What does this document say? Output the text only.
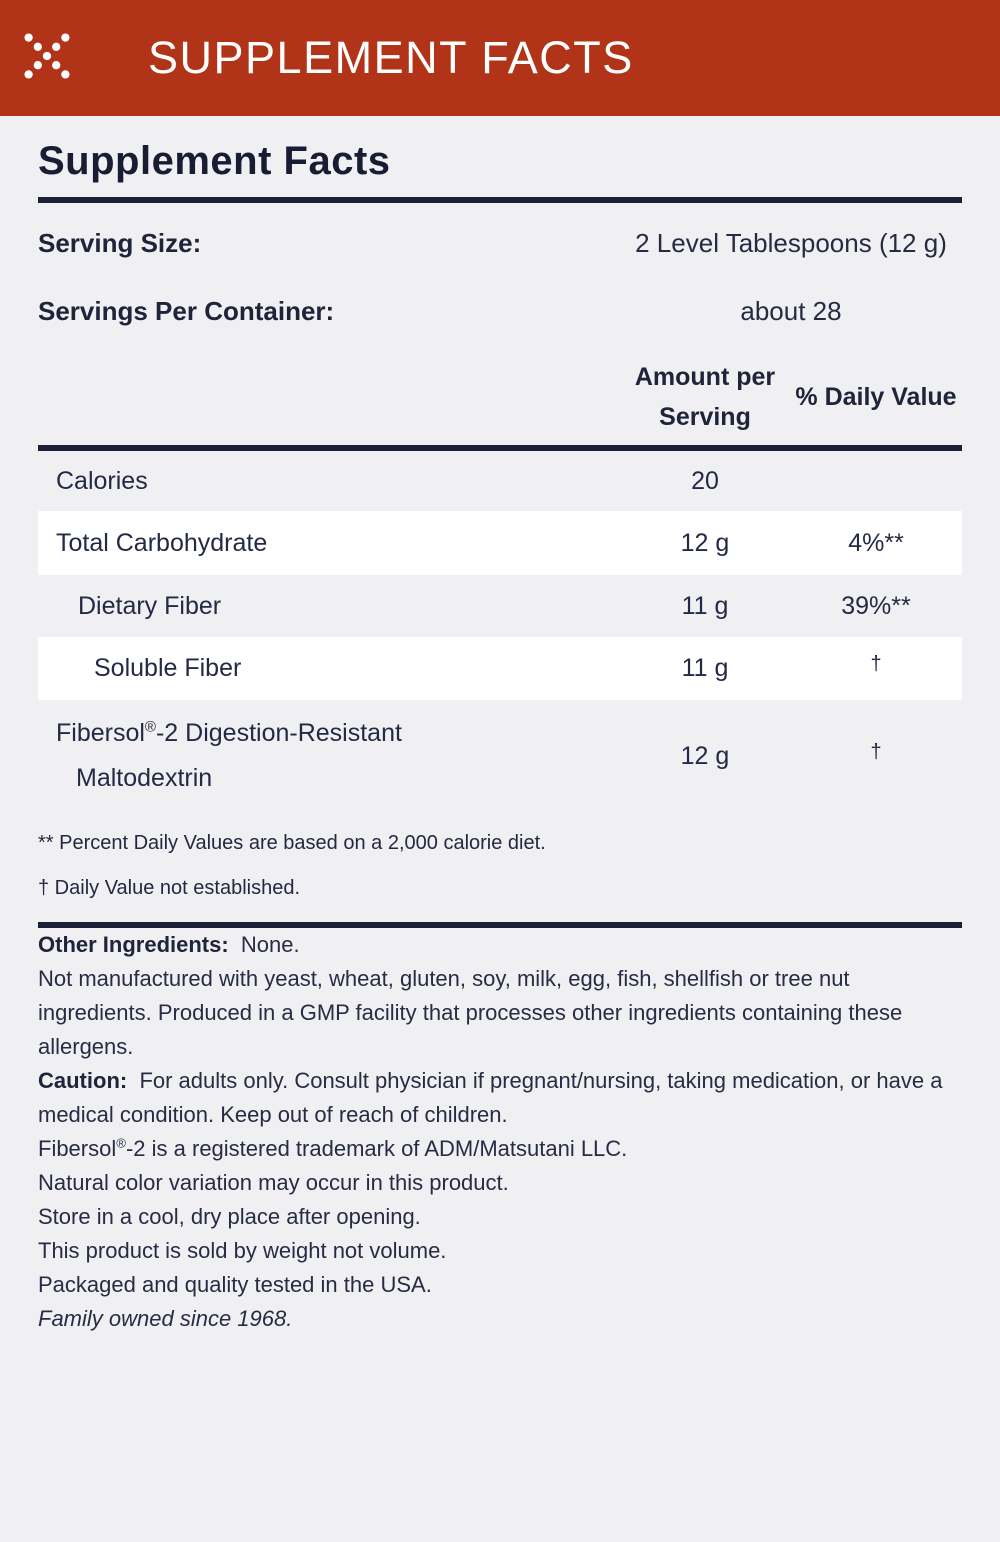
SUPPLEMENT FACTS
Supplement Facts
Serving Size:	2 Level Tablespoons (12 g)
Servings Per Container:	about 28
Amount per Serving
% Daily Value
Calories	20
Total Carbohydrate	12 g	4%**
Dietary Fiber	11 g	39%**
Soluble Fiber	11 g	†
Fibersol®-2 Digestion-Resistant
Maltodextrin
12 g	†

** Percent Daily Values are based on a 2,000 calorie diet.

† Daily Value not established.

Other Ingredients: None.

Not manufactured with yeast, wheat, gluten, soy, milk, egg, fish, shellfish or tree nut ingredients. Produced in a GMP facility that processes other ingredients containing these allergens.

Caution: For adults only. Consult physician if pregnant/nursing, taking medication, or have a medical condition. Keep out of reach of children.

Fibersol®-2 is a registered trademark of ADM/Matsutani LLC.

Natural color variation may occur in this product.

Store in a cool, dry place after opening.

This product is sold by weight not volume.

Packaged and quality tested in the USA.

Family owned since 1968.
